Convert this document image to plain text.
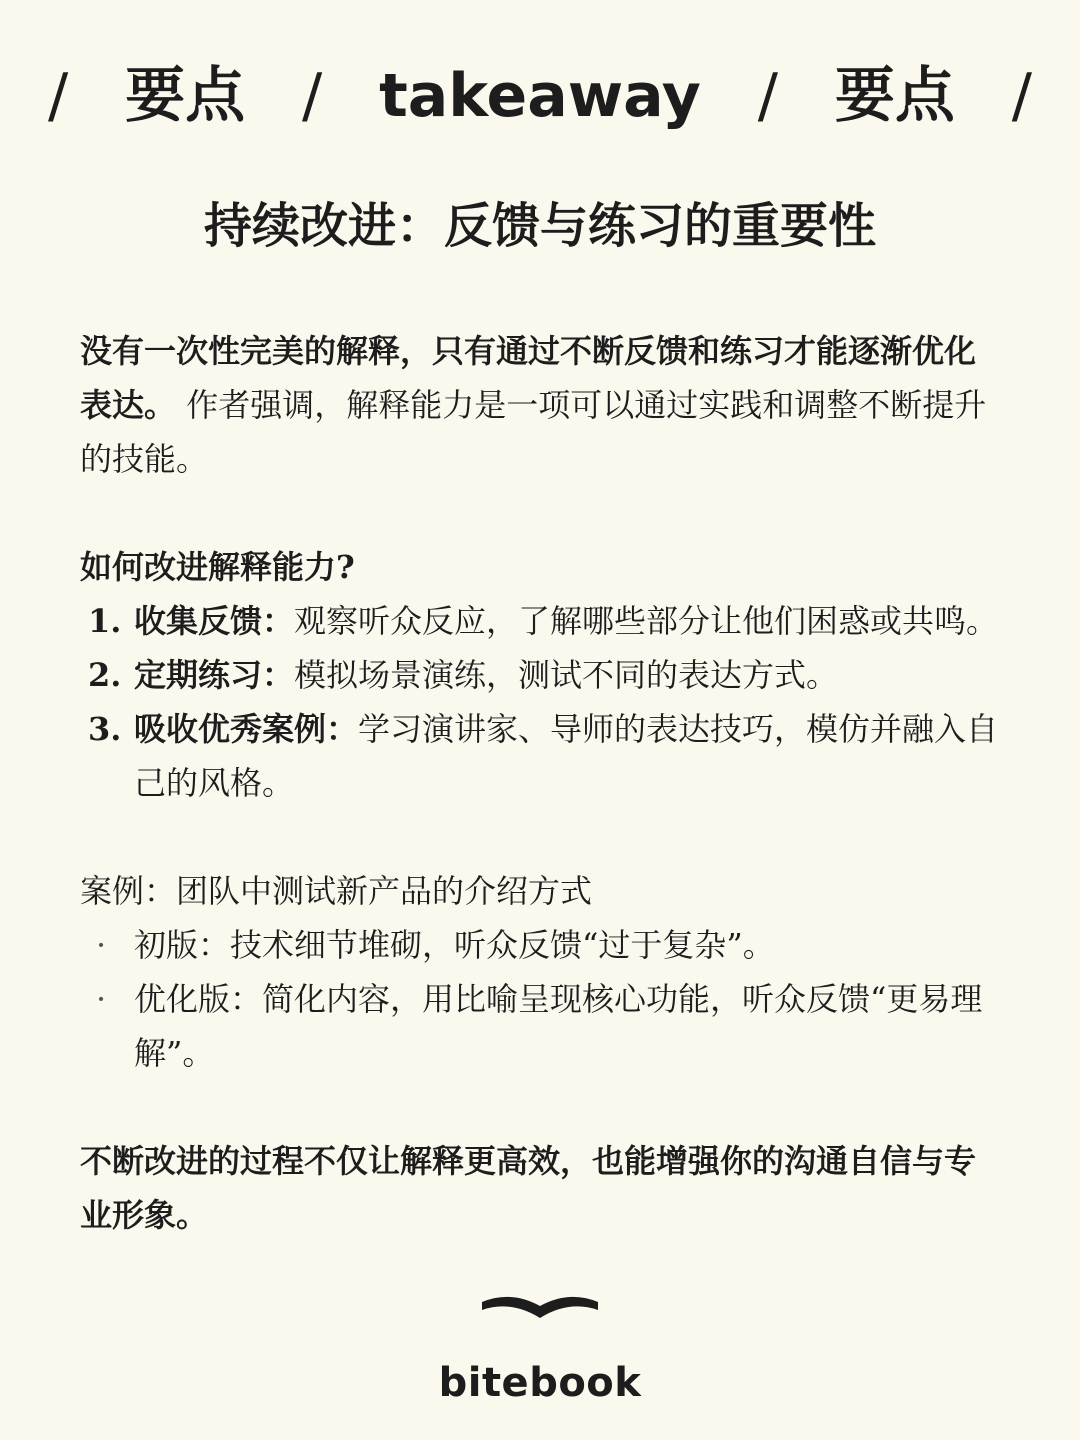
/ 要点 / takeaway / 要点 /
持续改进：反馈与练习的重要性

没有一次性完美的解释，只有通过不断反馈和练习才能逐渐优化表达。 作者强调，解释能力是一项可以通过实践和调整不断提升的技能。

如何改进解释能力?
1. 收集反馈：观察听众反应，了解哪些部分让他们困惑或共鸣。
2. 定期练习：模拟场景演练，测试不同的表达方式。
3. 吸收优秀案例：学习演讲家、导师的表达技巧，模仿并融入自己的风格。
案例：团队中测试新产品的介绍方式
· 初版：技术细节堆砌，听众反馈“过于复杂”。
· 优化版：简化内容，用比喻呈现核心功能，听众反馈“更易理解”。

不断改进的过程不仅让解释更高效，也能增强你的沟通自信与专业形象。

bitebook
